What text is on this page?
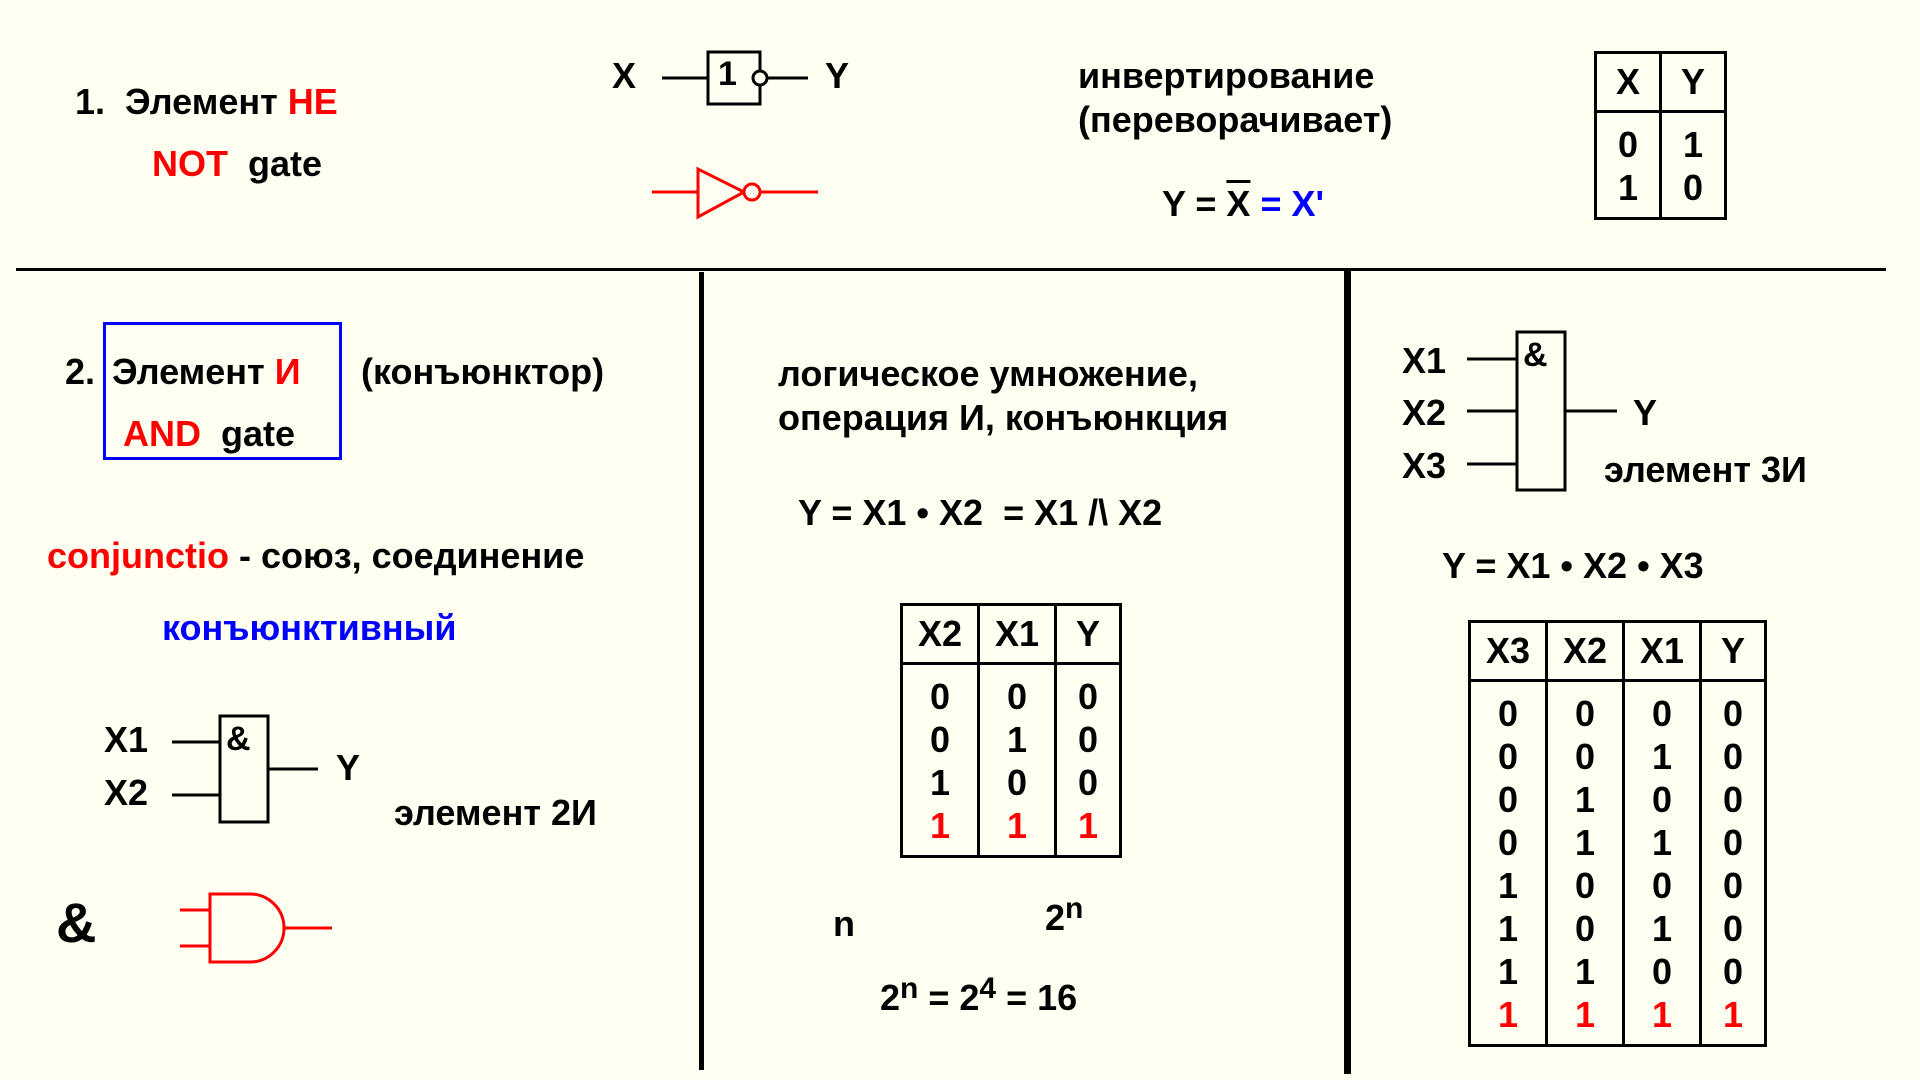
1. Элемент НЕ
NOT gate
X 1 Y	инвертирование
(переворачивает)
$Y = \overline{X} = X'$
X	Y
0	1
1	0
2. Элемент И (конъюнктор)
AND gate
conjunctio - союз, соединение
конъюнктивный
X1
X2
&
Y
элемент 2И
&
логическое умножение,
операция И, конъюнкция
Y = X1 • X2  = X1 /\ X2
X2	X1	Y
0	0	0
0	1	0
1	0	0
1	1	1
n	2$^n$
$2^n = 2^4 = 16$
X1
X2
X3
&
Y
элемент 3И
Y = X1 • X2 • X3
X3	X2	X1	Y
0	0	0	0
0	0	1	0
0	1	0	0
0	1	1	0
1	0	0	0
1	0	1	0
1	1	0	0
1	1	1	1
